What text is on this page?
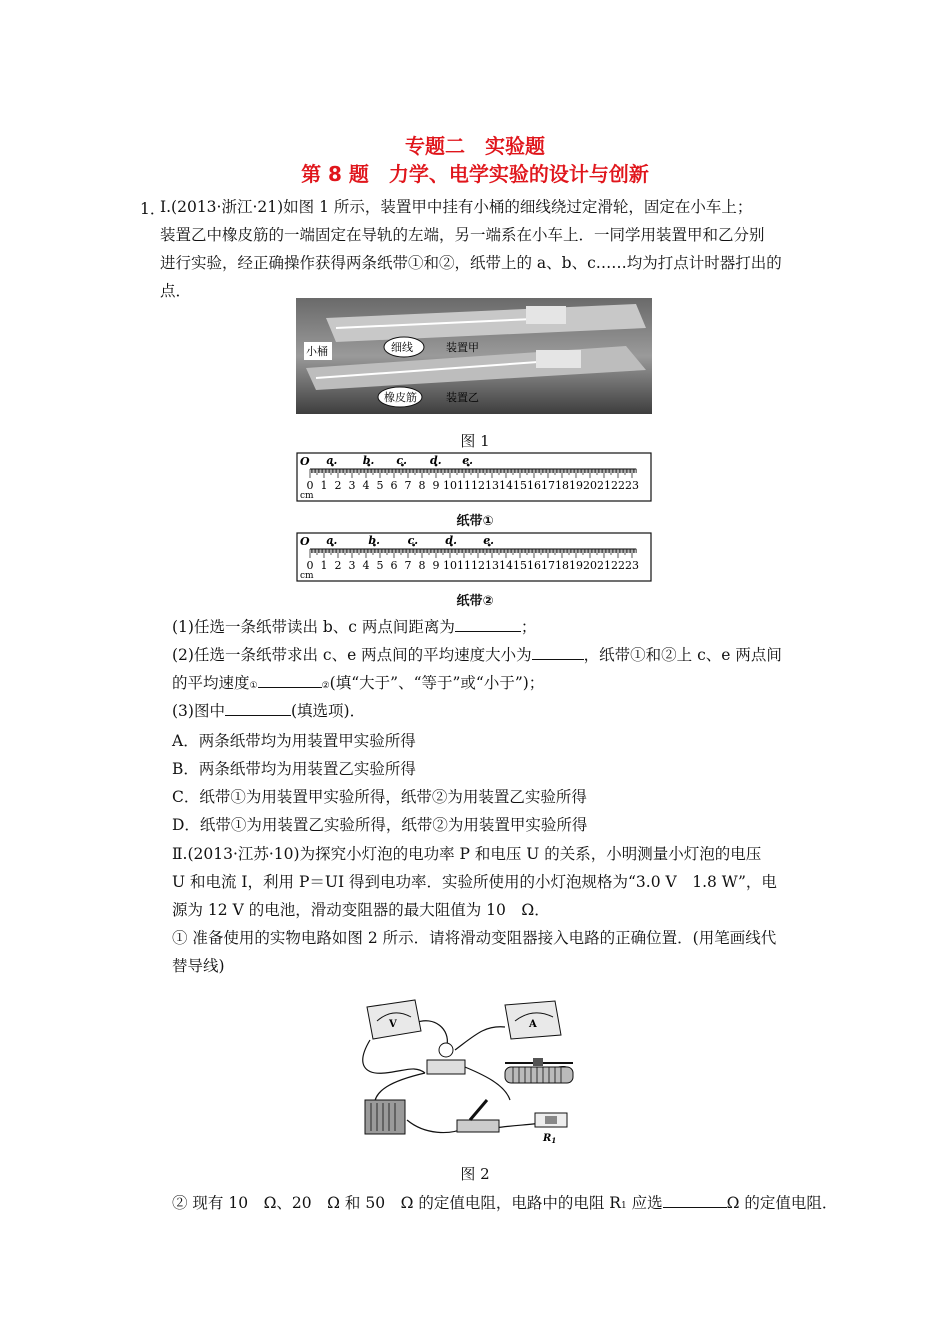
专题二　实验题
第 8 题　力学、电学实验的设计与创新
1．
Ⅰ.(2013·浙江·21)如图 1 所示，装置甲中挂有小桶的细线绕过定滑轮，固定在小车上；
装置乙中橡皮筋的一端固定在导轨的左端，另一端系在小车上．一同学用装置甲和乙分别
进行实验，经正确操作获得两条纸带①和②，纸带上的 a、b、c……均为打点计时器打出的
点．
小桶	细线	装置甲
橡皮筋	装置乙
图 1
0 1 2 3 4 5 6 7 8 9 10 11 12 13 14 15 16 17 18 19 20 21 22 23
O
cm
a. b. c. d. e.
纸带①
0 1 2 3 4 5 6 7 8 9 10 11 12 13 14 15 16 17 18 19 20 21 22 23
O
cm
a.	b.	c. d. e.
纸带②
(1)任选一条纸带读出 b、c 两点间距离为	；
(2)任选一条纸带求出 c、e 两点间的平均速度大小为	，纸带①和②上 c、e 两点间
的平均速度①	②(填“大于”、“等于”或“小于”)；
(3)图中	(填选项)．
A．两条纸带均为用装置甲实验所得
B．两条纸带均为用装置乙实验所得
C．纸带①为用装置甲实验所得，纸带②为用装置乙实验所得
D．纸带①为用装置乙实验所得，纸带②为用装置甲实验所得
Ⅱ.(2013·江苏·10)为探究小灯泡的电功率 P 和电压 U 的关系，小明测量小灯泡的电压
U 和电流 I，利用 P＝UI 得到电功率．实验所使用的小灯泡规格为“3.0 V　1.8 W”，电
源为 12 V 的电池，滑动变阻器的最大阻值为 10　Ω．
① 准备使用的实物电路如图 2 所示．请将滑动变阻器接入电路的正确位置．(用笔画线代
替导线)
V	A
$R_1$
图 2
② 现有 10　Ω、20　Ω 和 50　Ω 的定值电阻，电路中的电阻 R1 应选	Ω 的定值电阻．
